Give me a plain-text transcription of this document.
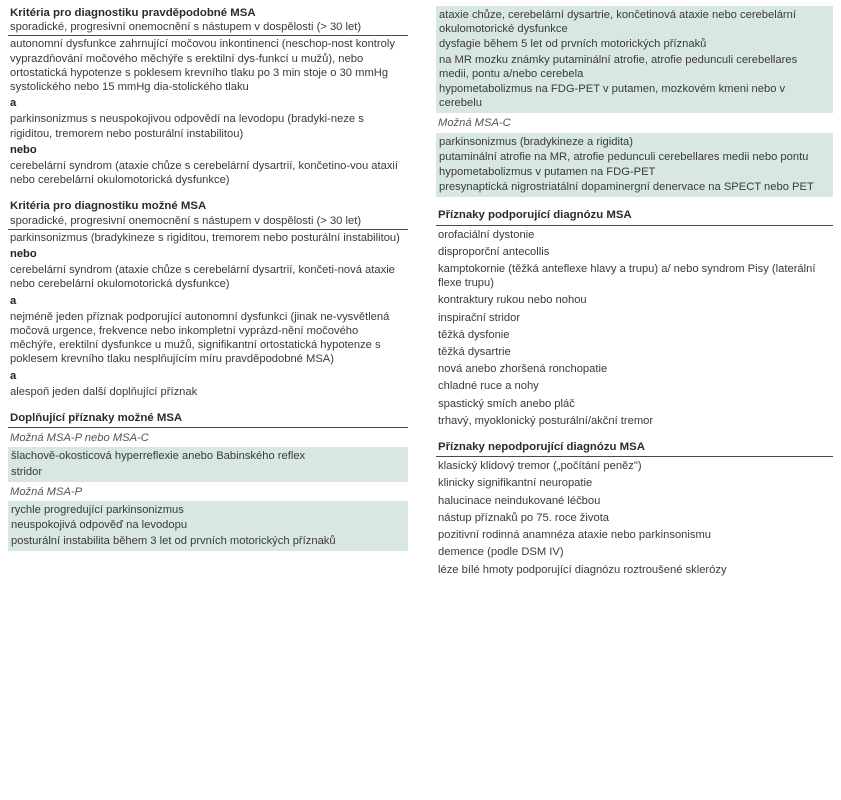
Kritéria pro diagnostiku pravděpodobné MSA
sporadické, progresivní onemocnění s nástupem v dospělosti (> 30 let)
autonomní dysfunkce zahrnující močovou inkontinenci (neschop-nost kontroly vyprazdňování močového měchýře s erektilní dys-funkcí u mužů), nebo ortostatická hypotenze s poklesem krevního tlaku po 3 min stoje o 30 mmHg systolického nebo 15 mmHg dia-stolického tlaku
a
parkinsonizmus s neuspokojivou odpovědí na levodopu (bradyki-neze s rigiditou, tremorem nebo posturální instabilitou)
nebo
cerebelární syndrom (ataxie chůze s cerebelární dysartrií, končetino-vou ataxií nebo cerebelární okulomotorická dysfunkce)
Kritéria pro diagnostiku možné MSA
sporadické, progresivní onemocnění s nástupem v dospělosti (> 30 let)
parkinsonizmus (bradykineze s rigiditou, tremorem nebo posturální instabilitou)
nebo
cerebelární syndrom (ataxie chůze s cerebelární dysartrií, končeti-nová ataxie nebo cerebelární okulomotorická dysfunkce)
a
nejméně jeden příznak podporující autonomní dysfunkci (jinak ne-vysvětlená močová urgence, frekvence nebo inkompletní vyprázd-nění močového měchýře, erektilní dysfunkce u mužů, signifikantní ortostatická hypotenze s poklesem krevního tlaku nesplňujícím míru pravděpodobné MSA)
a
alespoň jeden další doplňující příznak
Doplňující příznaky možné MSA
Možná MSA-P nebo MSA-C
šlachově-okosticová hyperreflexie anebo Babinského reflex
stridor
Možná MSA-P
rychle progredující parkinsonizmus
neuspokojivá odpověď na levodopu
posturální instabilita během 3 let od prvních motorických příznaků
ataxie chůze, cerebelární dysartrie, končetinová ataxie nebo cerebelární okulomotorické dysfunkce
dysfagie během 5 let od prvních motorických příznaků
na MR mozku známky putaminální atrofie, atrofie pedunculi cerebellares medii, pontu a/nebo cerebela
hypometabolizmus na FDG-PET v putamen, mozkovém kmeni nebo v cerebelu
Možná MSA-C
parkinsonizmus (bradykineze a rigidita)
putaminální atrofie na MR, atrofie pedunculi cerebellares medii nebo pontu
hypometabolizmus v putamen na FDG-PET
presynaptická nigrostriatální dopaminergní denervace na SPECT nebo PET
Příznaky podporující diagnózu MSA
orofaciální dystonie
disproporční antecollis
kamptokornie (těžká anteflexe hlavy a trupu) a/ nebo syndrom Pisy (laterální flexe trupu)
kontraktury rukou nebo nohou
inspirační stridor
těžká dysfonie
těžká dysartrie
nová anebo zhoršená ronchopatie
chladné ruce a nohy
spastický smích anebo pláč
trhavý, myoklonický posturální/akční tremor
Příznaky nepodporující diagnózu MSA
klasický klidový tremor („počítání peněz")
klinicky signifikantní neuropatie
halucinace neindukované léčbou
nástup příznaků po 75. roce života
pozitivní rodinná anamnéza ataxie nebo parkinsonismu
demence (podle DSM IV)
léze bílé hmoty podporující diagnózu roztroušené sklerózy
